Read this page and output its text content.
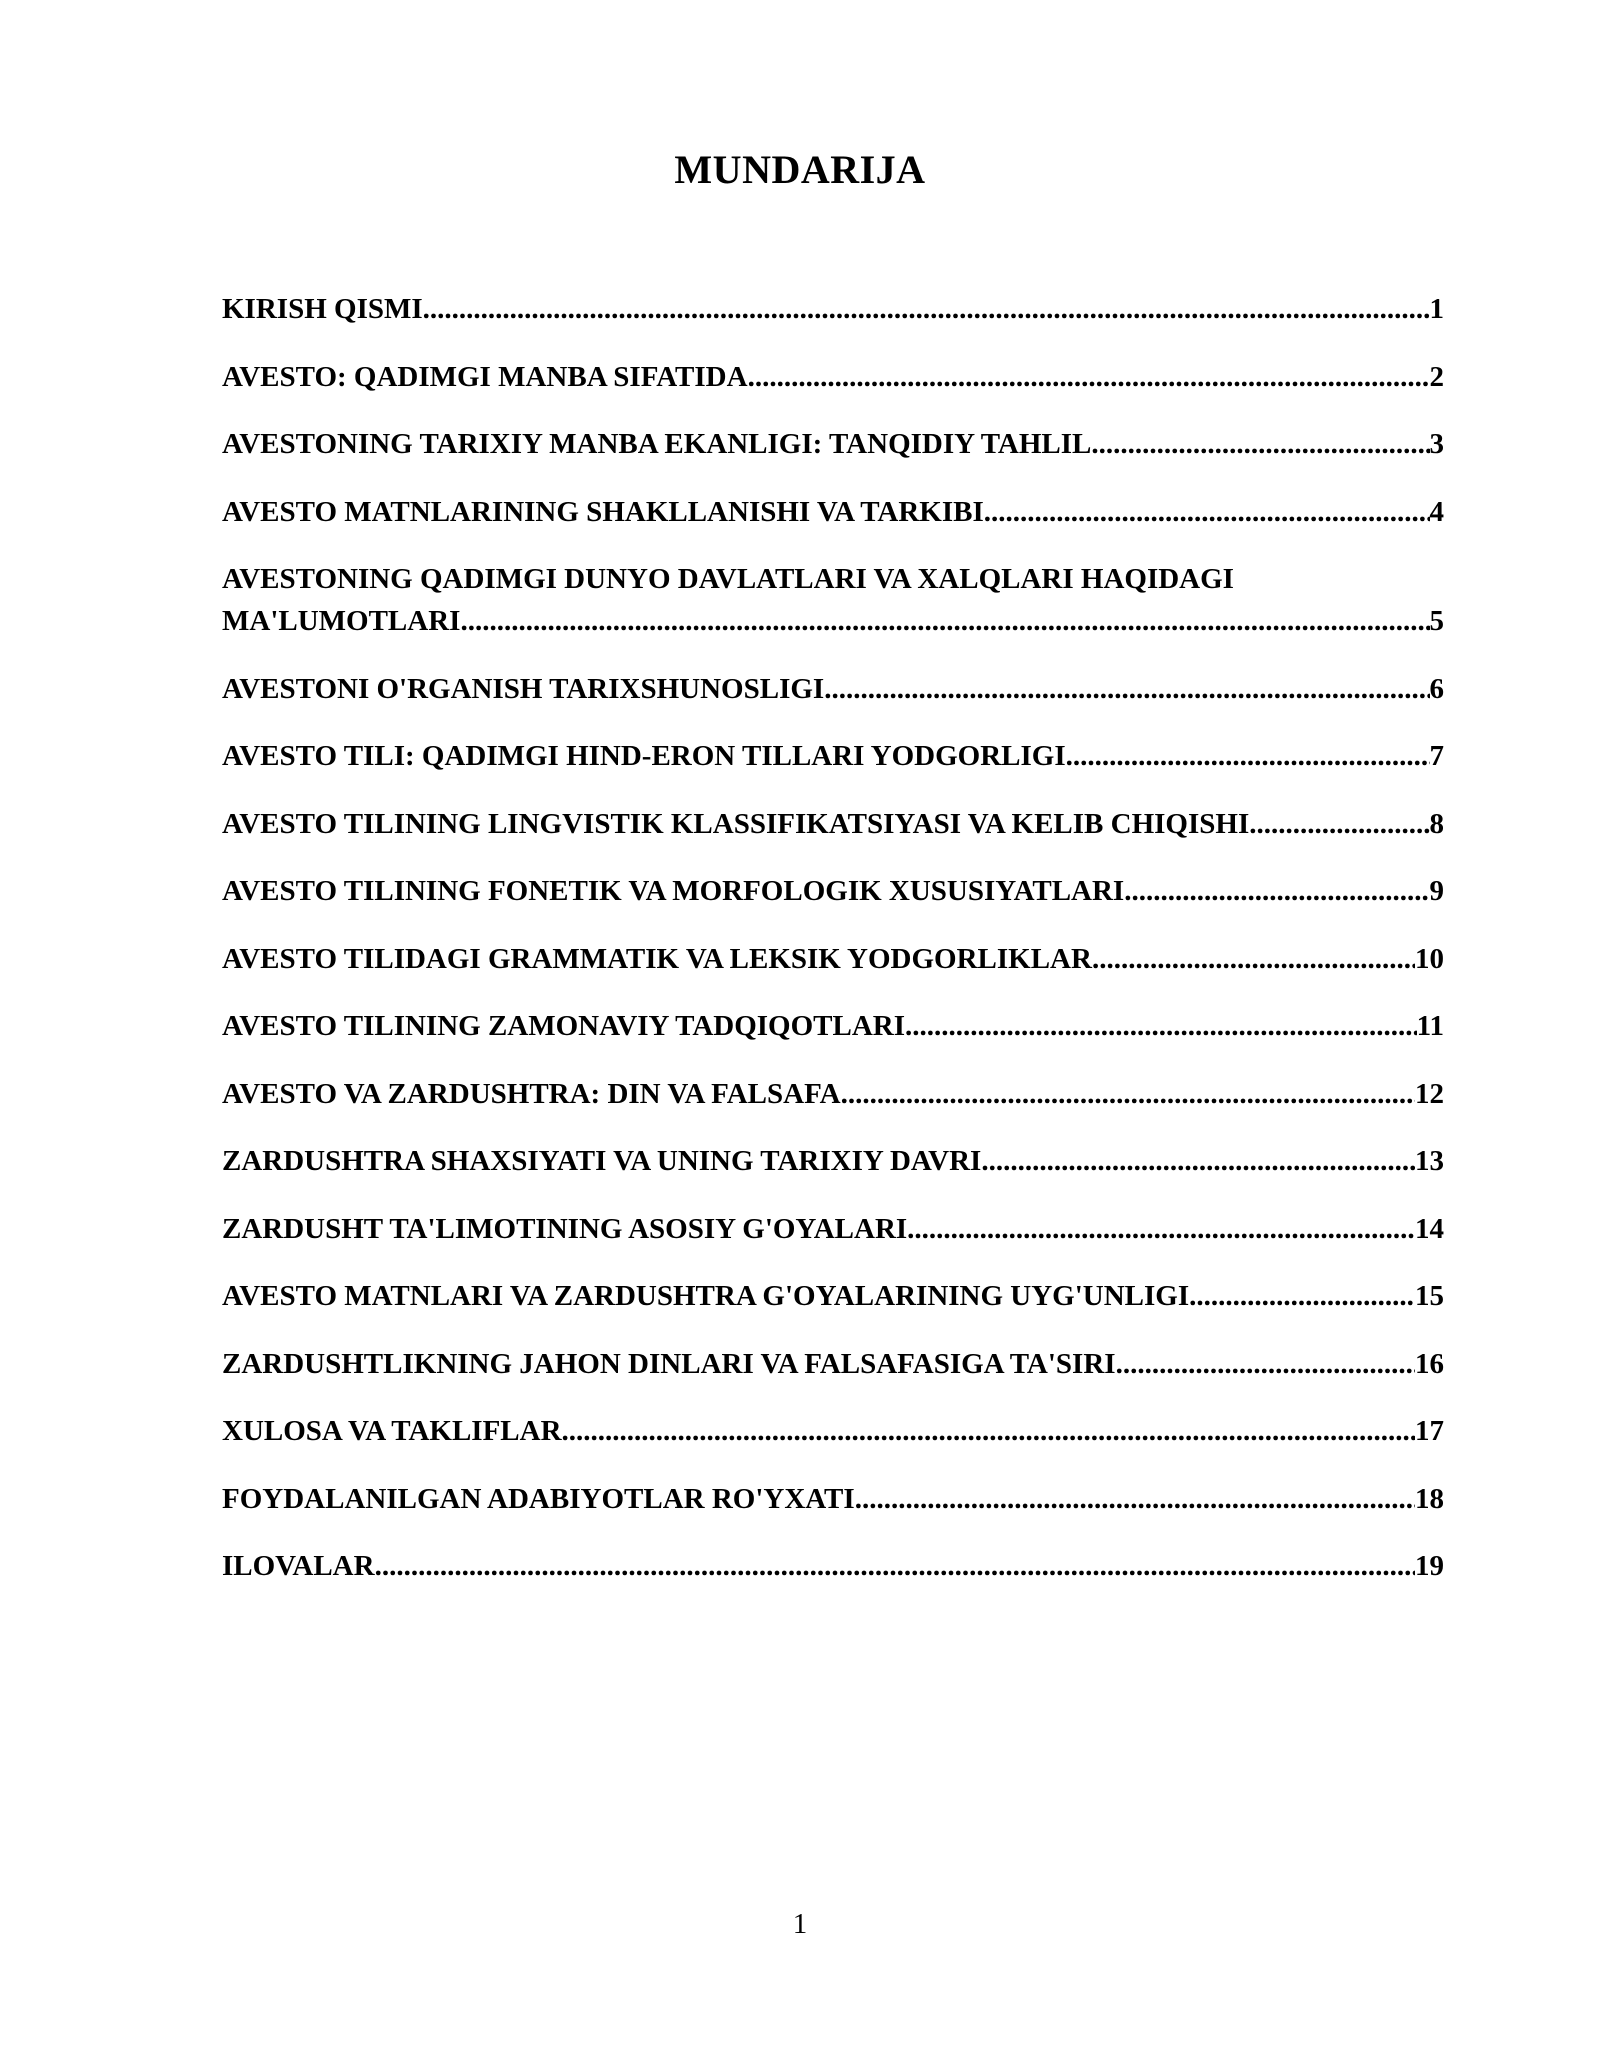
MUNDARIJA
KIRISH QISMI .....	1
AVESTO: QADIMGI MANBA SIFATIDA .....	2
AVESTONING TARIXIY MANBA EKANLIGI: TANQIDIY TAHLIL .....	3
AVESTO MATNLARINING SHAKLLANISHI VA TARKIBI .....	4
AVESTONING QADIMGI DUNYO DAVLATLARI VA XALQLARI HAQIDAGI
MA'LUMOTLARI .....	5
AVESTONI O'RGANISH TARIXSHUNOSLIGI .....	6
AVESTO TILI: QADIMGI HIND-ERON TILLARI YODGORLIGI .....	7
AVESTO TILINING LINGVISTIK KLASSIFIKATSIYASI VA KELIB CHIQISHI .....	8
AVESTO TILINING FONETIK VA MORFOLOGIK XUSUSIYATLARI .....	9
AVESTO TILIDAGI GRAMMATIK VA LEKSIK YODGORLIKLAR .....	10
AVESTO TILINING ZAMONAVIY TADQIQOTLARI .....	11
AVESTO VA ZARDUSHTRA: DIN VA FALSAFA .....	12
ZARDUSHTRA SHAXSIYATI VA UNING TARIXIY DAVRI .....	13
ZARDUSHT TA'LIMOTINING ASOSIY G'OYALARI .....	14
AVESTO MATNLARI VA ZARDUSHTRA G'OYALARINING UYG'UNLIGI .....	15
ZARDUSHTLIKNING JAHON DINLARI VA FALSAFASIGA TA'SIRI .....	16
XULOSA VA TAKLIFLAR .....	17
FOYDALANILGAN ADABIYOTLAR RO'YXATI .....	18
ILOVALAR .....	19
1
